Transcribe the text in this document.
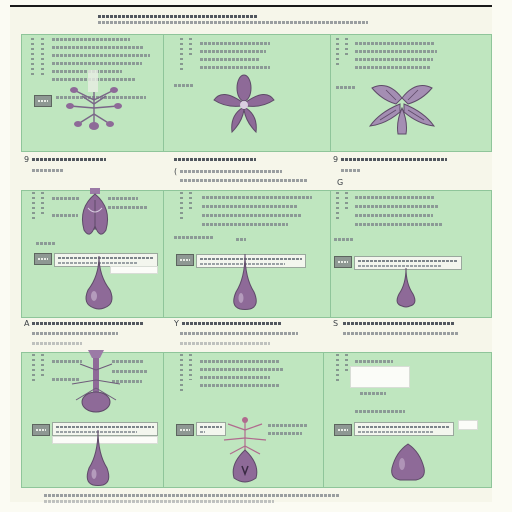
9
(
9
G
A	Y	S
